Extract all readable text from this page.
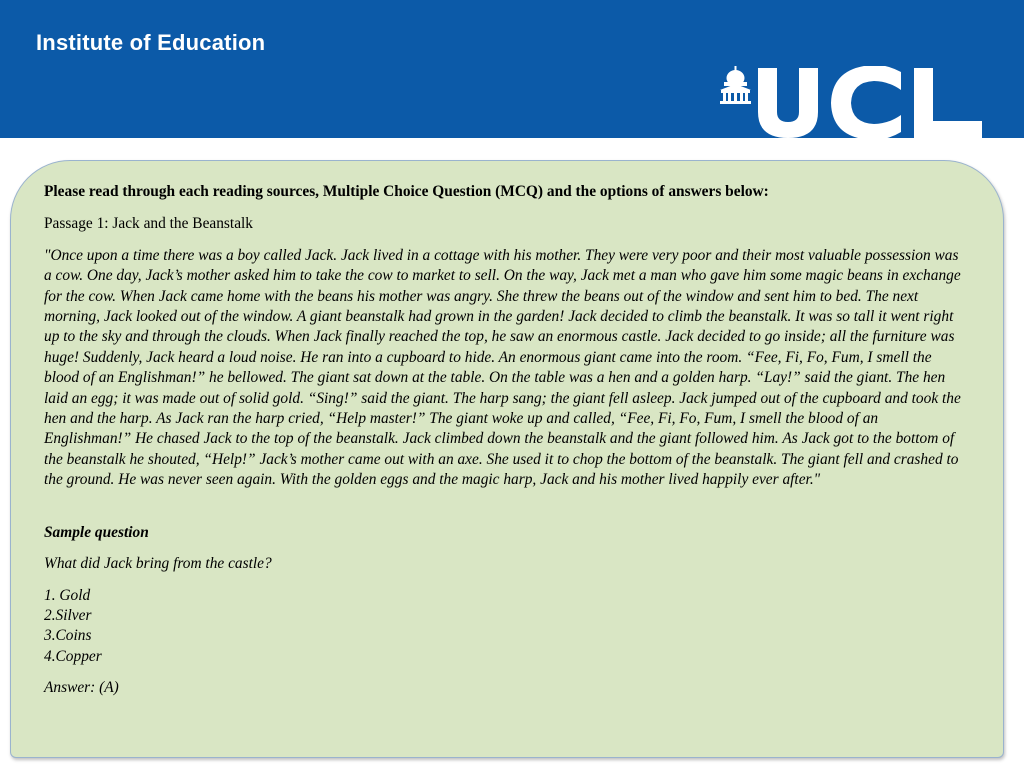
Institute of Education

Please read through each reading sources, Multiple Choice Question (MCQ) and the options of answers below:

Passage 1: Jack and the Beanstalk

"Once upon a time there was a boy called Jack. Jack lived in a cottage with his mother. They were very poor and their most valuable possession was a cow. One day, Jack’s mother asked him to take the cow to market to sell. On the way, Jack met a man who gave him some magic beans in exchange for the cow. When Jack came home with the beans his mother was angry. She threw the beans out of the window and sent him to bed. The next morning, Jack looked out of the window. A giant beanstalk had grown in the garden! Jack decided to climb the beanstalk. It was so tall it went right up to the sky and through the clouds. When Jack finally reached the top, he saw an enormous castle. Jack decided to go inside; all the furniture was huge! Suddenly, Jack heard a loud noise. He ran into a cupboard to hide. An enormous giant came into the room. “Fee, Fi, Fo, Fum, I smell the blood of an Englishman!” he bellowed. The giant sat down at the table. On the table was a hen and a golden harp. “Lay!” said the giant. The hen laid an egg; it was made out of solid gold. “Sing!” said the giant. The harp sang; the giant fell asleep. Jack jumped out of the cupboard and took the hen and the harp. As Jack ran the harp cried, “Help master!” The giant woke up and called, “Fee, Fi, Fo, Fum, I smell the blood of an Englishman!” He chased Jack to the top of the beanstalk. Jack climbed down the beanstalk and the giant followed him. As Jack got to the bottom of the beanstalk he shouted, “Help!” Jack’s mother came out with an axe. She used it to chop the bottom of the beanstalk. The giant fell and crashed to the ground. He was never seen again. With the golden eggs and the magic harp, Jack and his mother lived happily ever after."

Sample question

What did Jack bring from the castle?

1. Gold
2.Silver
3.Coins
4.Copper

Answer: (A)
